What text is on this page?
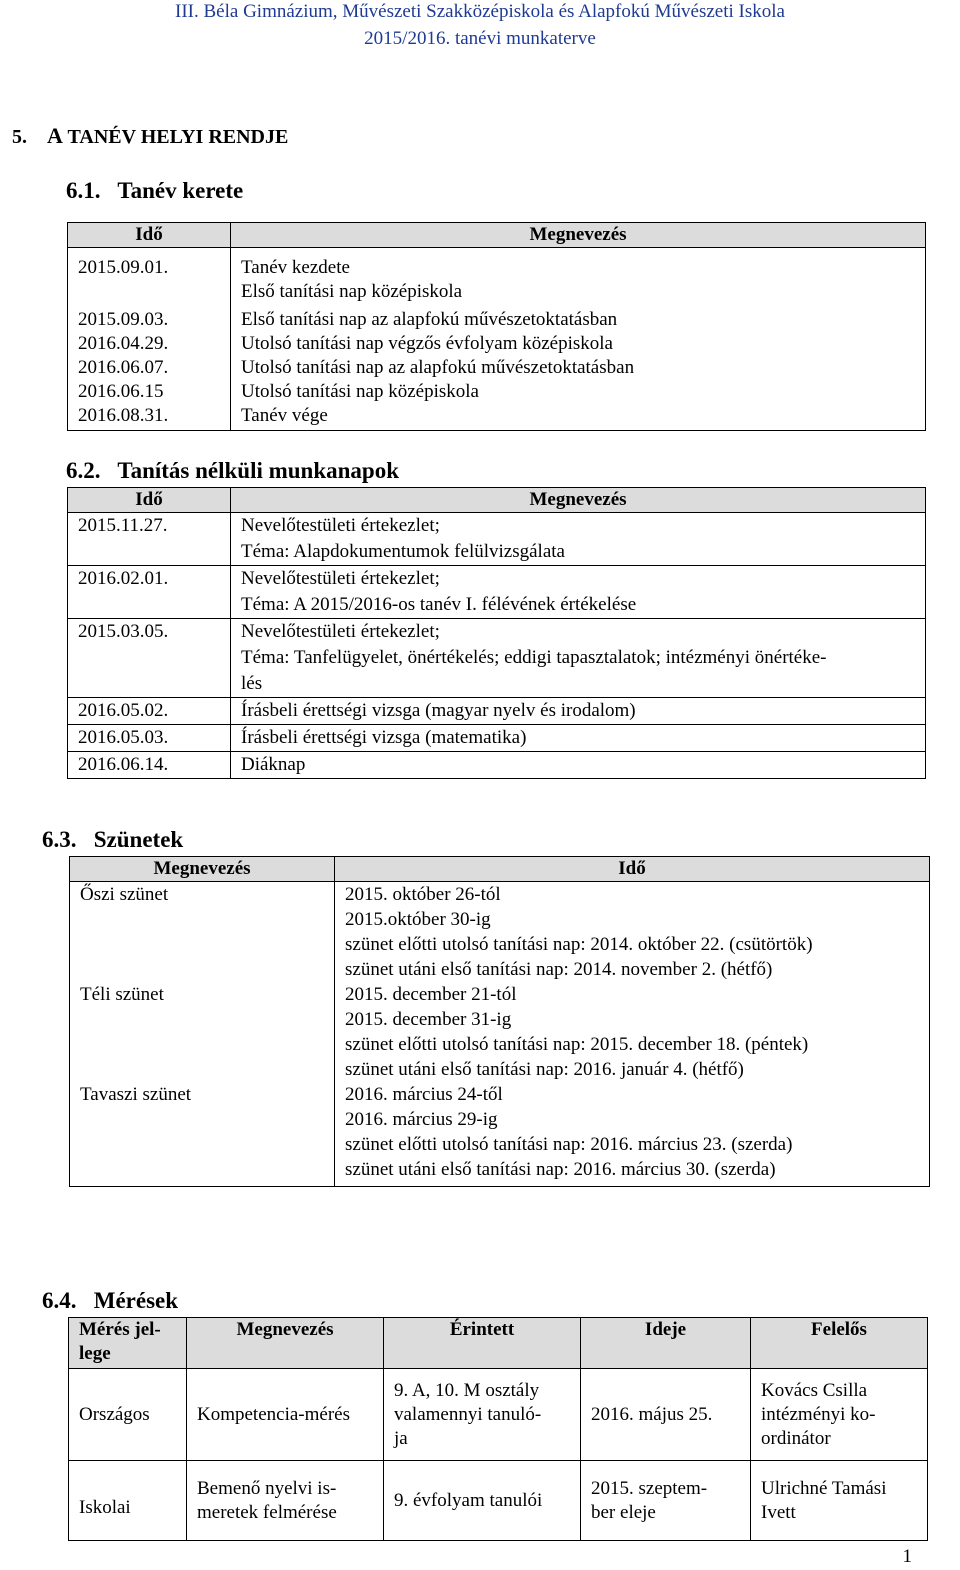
III. Béla Gimnázium, Művészeti Szakközépiskola és Alapfokú Művészeti Iskola
2015/2016. tanévi munkaterve
5. A TANÉV HELYI RENDJE
6.1.   Tanév kerete
Idő	Megnevezés
2015.09.01.	Tanév kezdete
Első tanítási nap középiskola

2015.09.03.	Első tanítási nap az alapfokú művészetoktatásban

2016.04.29.	Utolsó tanítási nap végzős évfolyam középiskola

2016.06.07.	Utolsó tanítási nap az alapfokú művészetoktatásban

2016.06.15	Utolsó tanítási nap középiskola

2016.08.31.	Tanév vége
6.2.   Tanítás nélküli munkanapok
Idő	Megnevezés
2015.11.27.	Nevelőtestületi értekezlet;
Téma: Alapdokumentumok felülvizsgálata

2016.02.01.	Nevelőtestületi értekezlet;
Téma: A 2015/2016-os tanév I. félévének értékelése

2015.03.05.	Nevelőtestületi értekezlet;
Téma: Tanfelügyelet, önértékelés; eddigi tapasztalatok; intézményi önértéke-
lés

2016.05.02.	Írásbeli érettségi vizsga (magyar nyelv és irodalom)

2016.05.03.	Írásbeli érettségi vizsga (matematika)

2016.06.14.	Diáknap
6.3.   Szünetek
Megnevezés	Idő
Őszi szünet	2015. október 26-tól
2015.október 30-ig
szünet előtti utolsó tanítási nap: 2014. október 22. (csütörtök)
szünet utáni első tanítási nap: 2014. november 2. (hétfő)

Téli szünet	2015. december 21-tól
2015. december 31-ig
szünet előtti utolsó tanítási nap: 2015. december 18. (péntek)
szünet utáni első tanítási nap: 2016. január 4. (hétfő)

Tavaszi szünet	2016. március 24-től
2016. március 29-ig
szünet előtti utolsó tanítási nap: 2016. március 23. (szerda)
szünet utáni első tanítási nap: 2016. március 30. (szerda)
6.4.   Mérések
Mérés jel-
lege	Megnevezés	Érintett	Ideje	Felelős
Országos	Kompetencia-mérés	9. A, 10. M osztály
valamennyi tanuló-
ja	2016. május 25.	Kovács Csilla
intézményi ko-
ordinátor

Iskolai	Bemenő nyelvi is-
meretek felmérése	9. évfolyam tanulói	2015. szeptem-
ber eleje	Ulrichné Tamási
Ivett
1
